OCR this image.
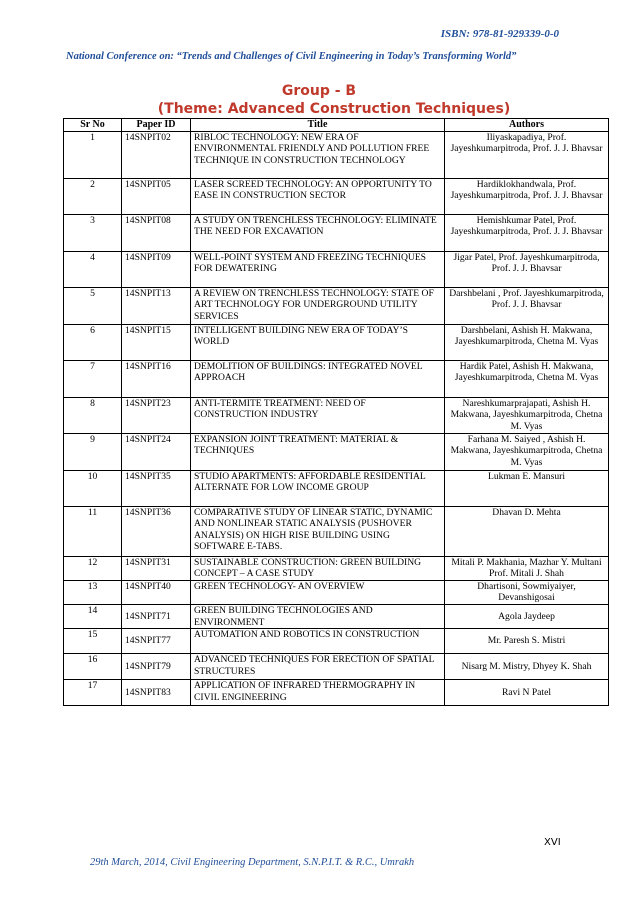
ISBN: 978-81-929339-0-0
National Conference on: “Trends and Challenges of Civil Engineering in Today’s Transforming World”
Group - B
(Theme: Advanced Construction Techniques)
Sr No	Paper ID	Title	Authors
1	14SNPIT02	RIBLOC TECHNOLOGY: NEW ERA OF ENVIRONMENTAL FRIENDLY AND POLLUTION FREE TECHNIQUE IN CONSTRUCTION TECHNOLOGY	Iliyaskapadiya, Prof. Jayeshkumarpitroda, Prof. J. J. Bhavsar
2	14SNPIT05	LASER SCREED TECHNOLOGY: AN OPPORTUNITY TO EASE IN CONSTRUCTION SECTOR	Hardiklokhandwala, Prof. Jayeshkumarpitroda, Prof. J. J. Bhavsar
3	14SNPIT08	A STUDY ON TRENCHLESS TECHNOLOGY: ELIMINATE THE NEED FOR EXCAVATION	Hemishkumar Patel, Prof. Jayeshkumarpitroda, Prof. J. J. Bhavsar
4	14SNPIT09	WELL-POINT SYSTEM AND FREEZING TECHNIQUES FOR DEWATERING	Jigar Patel, Prof. Jayeshkumarpitroda, Prof. J. J. Bhavsar
5	14SNPIT13	A REVIEW ON TRENCHLESS TECHNOLOGY: STATE OF ART TECHNOLOGY FOR UNDERGROUND UTILITY SERVICES	Darshbelani , Prof. Jayeshkumarpitroda, Prof. J. J. Bhavsar
6	14SNPIT15	INTELLIGENT BUILDING NEW ERA OF TODAY’S WORLD	Darshbelani, Ashish H. Makwana, Jayeshkumarpitroda, Chetna M. Vyas
7	14SNPIT16	DEMOLITION OF BUILDINGS: INTEGRATED NOVEL APPROACH	Hardik Patel, Ashish H. Makwana, Jayeshkumarpitroda, Chetna M. Vyas
8	14SNPIT23	ANTI-TERMITE TREATMENT: NEED OF CONSTRUCTION INDUSTRY	Nareshkumarprajapati, Ashish H. Makwana, Jayeshkumarpitroda, Chetna M. Vyas
9	14SNPIT24	EXPANSION JOINT TREATMENT: MATERIAL & TECHNIQUES	Farhana M. Saiyed , Ashish H. Makwana, Jayeshkumarpitroda, Chetna M. Vyas
10	14SNPIT35	STUDIO APARTMENTS: AFFORDABLE RESIDENTIAL ALTERNATE FOR LOW INCOME GROUP	Lukman E. Mansuri
11	14SNPIT36	COMPARATIVE STUDY OF LINEAR STATIC, DYNAMIC AND NONLINEAR STATIC ANALYSIS (PUSHOVER ANALYSIS) ON HIGH RISE BUILDING USING SOFTWARE E-TABS.	Dhavan D. Mehta
12	14SNPIT31	SUSTAINABLE CONSTRUCTION: GREEN BUILDING CONCEPT – A CASE STUDY	Mitali P. Makhania, Mazhar Y. Multani Prof. Mitali J. Shah
13	14SNPIT40	GREEN TECHNOLOGY- AN OVERVIEW	Dhartisoni, Sowmiyaiyer, Devanshigosai
14	14SNPIT71	GREEN BUILDING TECHNOLOGIES AND ENVIRONMENT	Agola Jaydeep
15	14SNPIT77	AUTOMATION AND ROBOTICS IN CONSTRUCTION	Mr. Paresh S. Mistri
16	14SNPIT79	ADVANCED TECHNIQUES FOR ERECTION OF SPATIAL STRUCTURES	Nisarg M. Mistry, Dhyey K. Shah
17	14SNPIT83	APPLICATION OF INFRARED THERMOGRAPHY IN CIVIL ENGINEERING	Ravi N Patel
XVI
29th March, 2014, Civil Engineering Department, S.N.P.I.T. & R.C., Umrakh
